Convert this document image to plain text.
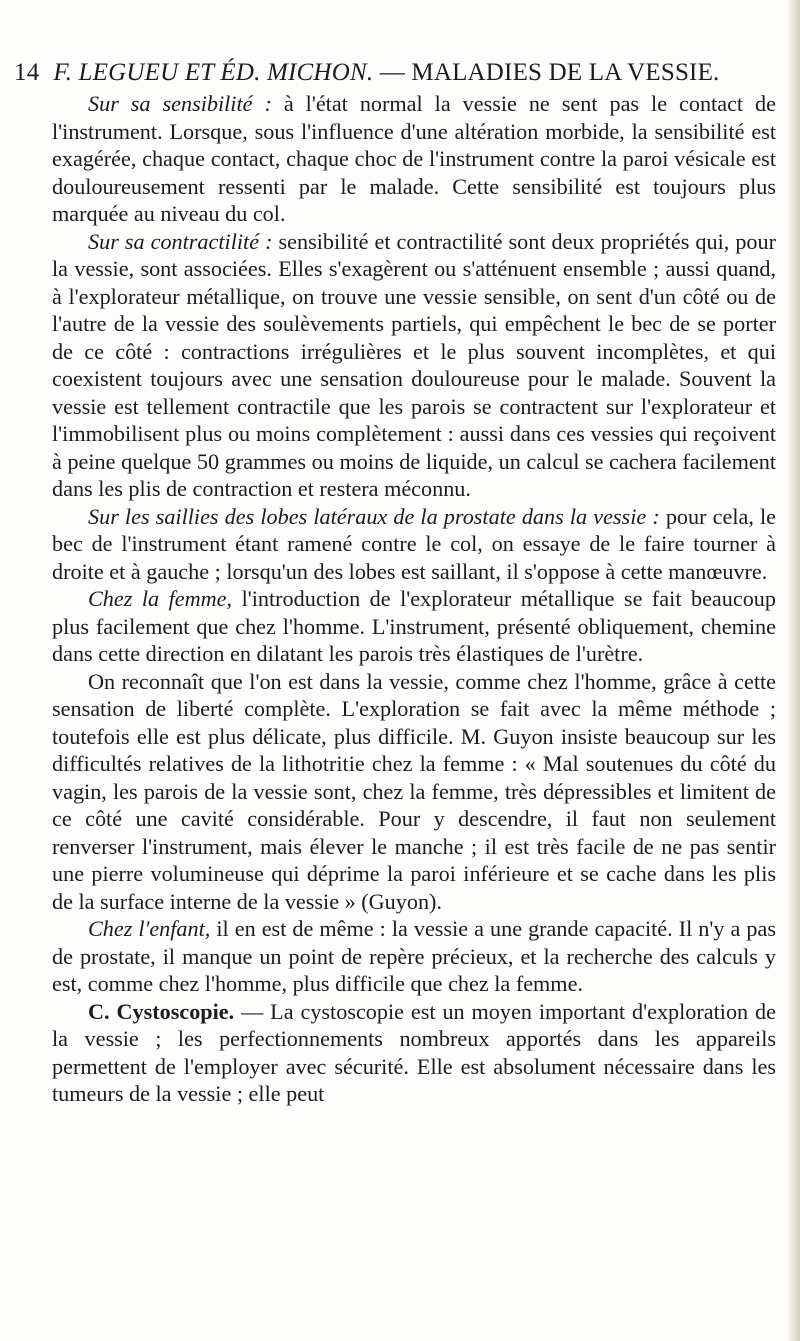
14 F. LEGUEU ET ÉD. MICHON. — MALADIES DE LA VESSIE.

Sur sa sensibilité : à l'état normal la vessie ne sent pas le contact de l'instrument. Lorsque, sous l'influence d'une altération morbide, la sensibilité est exagérée, chaque contact, chaque choc de l'instrument contre la paroi vésicale est douloureusement ressenti par le malade. Cette sensibilité est toujours plus marquée au niveau du col.

Sur sa contractilité : sensibilité et contractilité sont deux propriétés qui, pour la vessie, sont associées. Elles s'exagèrent ou s'atténuent ensemble ; aussi quand, à l'explorateur métallique, on trouve une vessie sensible, on sent d'un côté ou de l'autre de la vessie des soulèvements partiels, qui empêchent le bec de se porter de ce côté : contractions irrégulières et le plus souvent incomplètes, et qui coexistent toujours avec une sensation douloureuse pour le malade. Souvent la vessie est tellement contractile que les parois se contractent sur l'explorateur et l'immobilisent plus ou moins complètement : aussi dans ces vessies qui reçoivent à peine quelque 50 grammes ou moins de liquide, un calcul se cachera facilement dans les plis de contraction et restera méconnu.

Sur les saillies des lobes latéraux de la prostate dans la vessie : pour cela, le bec de l'instrument étant ramené contre le col, on essaye de le faire tourner à droite et à gauche ; lorsqu'un des lobes est saillant, il s'oppose à cette manœuvre.

Chez la femme, l'introduction de l'explorateur métallique se fait beaucoup plus facilement que chez l'homme. L'instrument, présenté obliquement, chemine dans cette direction en dilatant les parois très élastiques de l'urètre.

On reconnaît que l'on est dans la vessie, comme chez l'homme, grâce à cette sensation de liberté complète. L'exploration se fait avec la même méthode ; toutefois elle est plus délicate, plus difficile. M. Guyon insiste beaucoup sur les difficultés relatives de la lithotritie chez la femme : « Mal soutenues du côté du vagin, les parois de la vessie sont, chez la femme, très dépressibles et limitent de ce côté une cavité considérable. Pour y descendre, il faut non seulement renverser l'instrument, mais élever le manche ; il est très facile de ne pas sentir une pierre volumineuse qui déprime la paroi inférieure et se cache dans les plis de la surface interne de la vessie » (Guyon).

Chez l'enfant, il en est de même : la vessie a une grande capacité. Il n'y a pas de prostate, il manque un point de repère précieux, et la recherche des calculs y est, comme chez l'homme, plus difficile que chez la femme.

C. Cystoscopie. — La cystoscopie est un moyen important d'exploration de la vessie ; les perfectionnements nombreux apportés dans les appareils permettent de l'employer avec sécurité. Elle est absolument nécessaire dans les tumeurs de la vessie ; elle peut
